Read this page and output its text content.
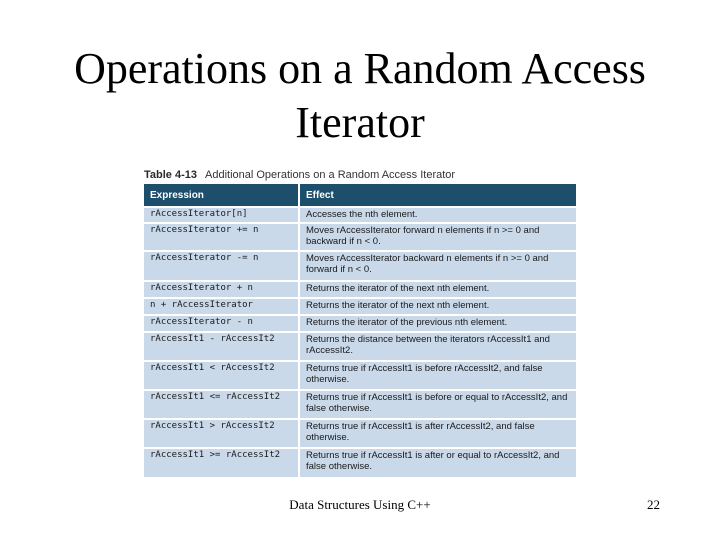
Operations on a Random Access
Iterator
Table 4-13 Additional Operations on a Random Access Iterator
Expression	Effect
rAccessIterator[n]	Accesses the nth element.
rAccessIterator += n	Moves rAccessIterator forward n elements if n >= 0 and backward if n < 0.
rAccessIterator -= n	Moves rAccessIterator backward n elements if n >= 0 and forward if n < 0.
rAccessIterator + n	Returns the iterator of the next nth element.
n + rAccessIterator	Returns the iterator of the next nth element.
rAccessIterator - n	Returns the iterator of the previous nth element.
rAccessIt1 - rAccessIt2	Returns the distance between the iterators rAccessIt1 and rAccessIt2.
rAccessIt1 < rAccessIt2	Returns true if rAccessIt1 is before rAccessIt2, and false otherwise.
rAccessIt1 <= rAccessIt2	Returns true if rAccessIt1 is before or equal to rAccessIt2, and false otherwise.
rAccessIt1 > rAccessIt2	Returns true if rAccessIt1 is after rAccessIt2, and false otherwise.
rAccessIt1 >= rAccessIt2	Returns true if rAccessIt1 is after or equal to rAccessIt2, and false otherwise.
Data Structures Using C++	22
